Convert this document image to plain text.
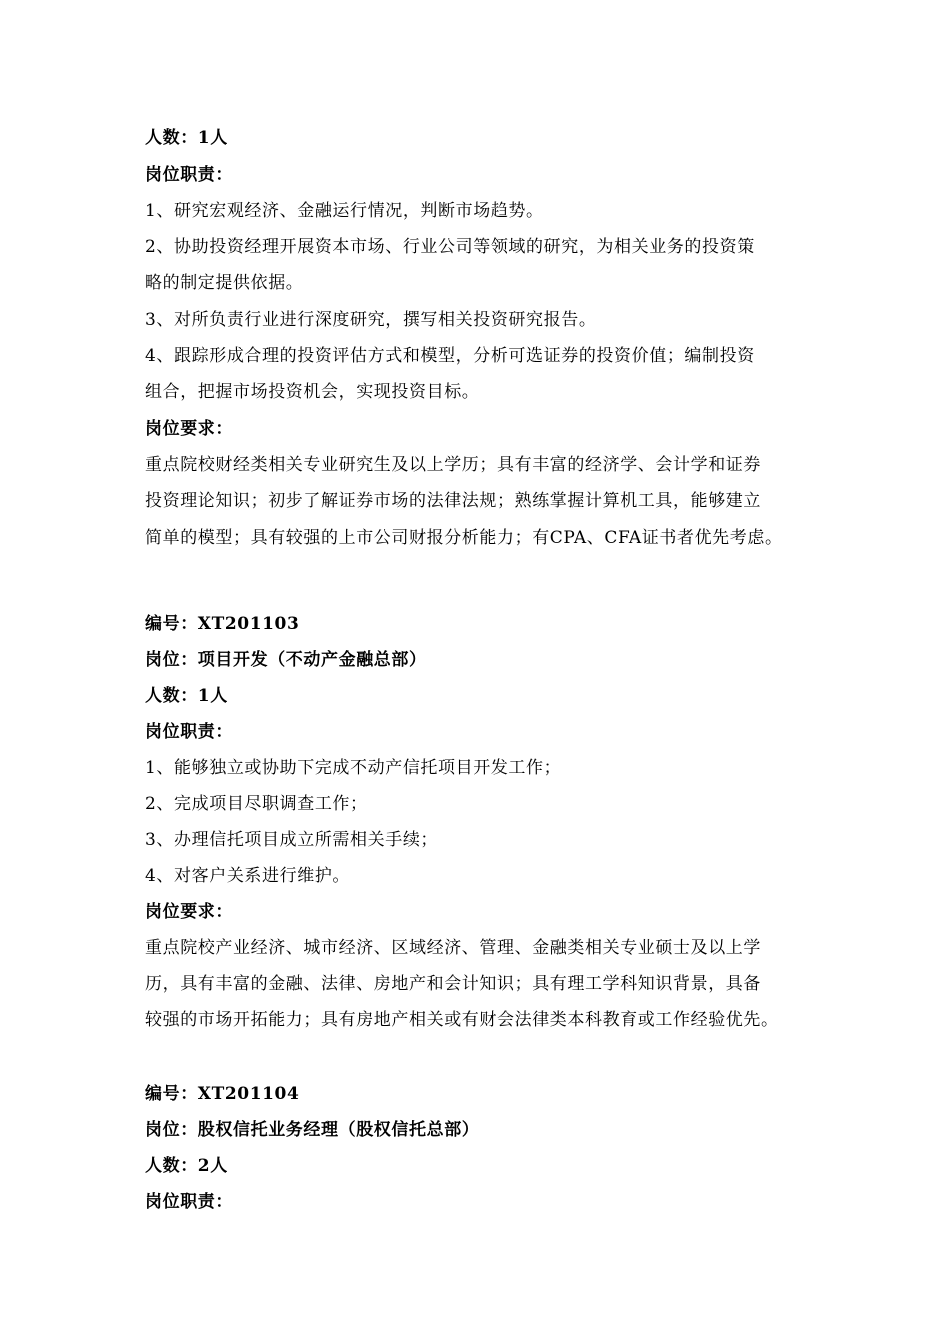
人数：1人
岗位职责：
1、研究宏观经济、金融运行情况，判断市场趋势。
2、协助投资经理开展资本市场、行业公司等领域的研究，为相关业务的投资策
略的制定提供依据。
3、对所负责行业进行深度研究，撰写相关投资研究报告。
4、跟踪形成合理的投资评估方式和模型，分析可选证券的投资价值；编制投资
组合，把握市场投资机会，实现投资目标。
岗位要求：
重点院校财经类相关专业研究生及以上学历；具有丰富的经济学、会计学和证券
投资理论知识；初步了解证券市场的法律法规；熟练掌握计算机工具，能够建立
简单的模型；具有较强的上市公司财报分析能力；有CPA、CFA证书者优先考虑。
编号：XT201103
岗位：项目开发（不动产金融总部）
人数：1人
岗位职责：
1、能够独立或协助下完成不动产信托项目开发工作；
2、完成项目尽职调查工作；
3、办理信托项目成立所需相关手续；
4、对客户关系进行维护。
岗位要求：
重点院校产业经济、城市经济、区域经济、管理、金融类相关专业硕士及以上学
历，具有丰富的金融、法律、房地产和会计知识；具有理工学科知识背景，具备
较强的市场开拓能力；具有房地产相关或有财会法律类本科教育或工作经验优先。
编号：XT201104
岗位：股权信托业务经理（股权信托总部）
人数：2人
岗位职责：
